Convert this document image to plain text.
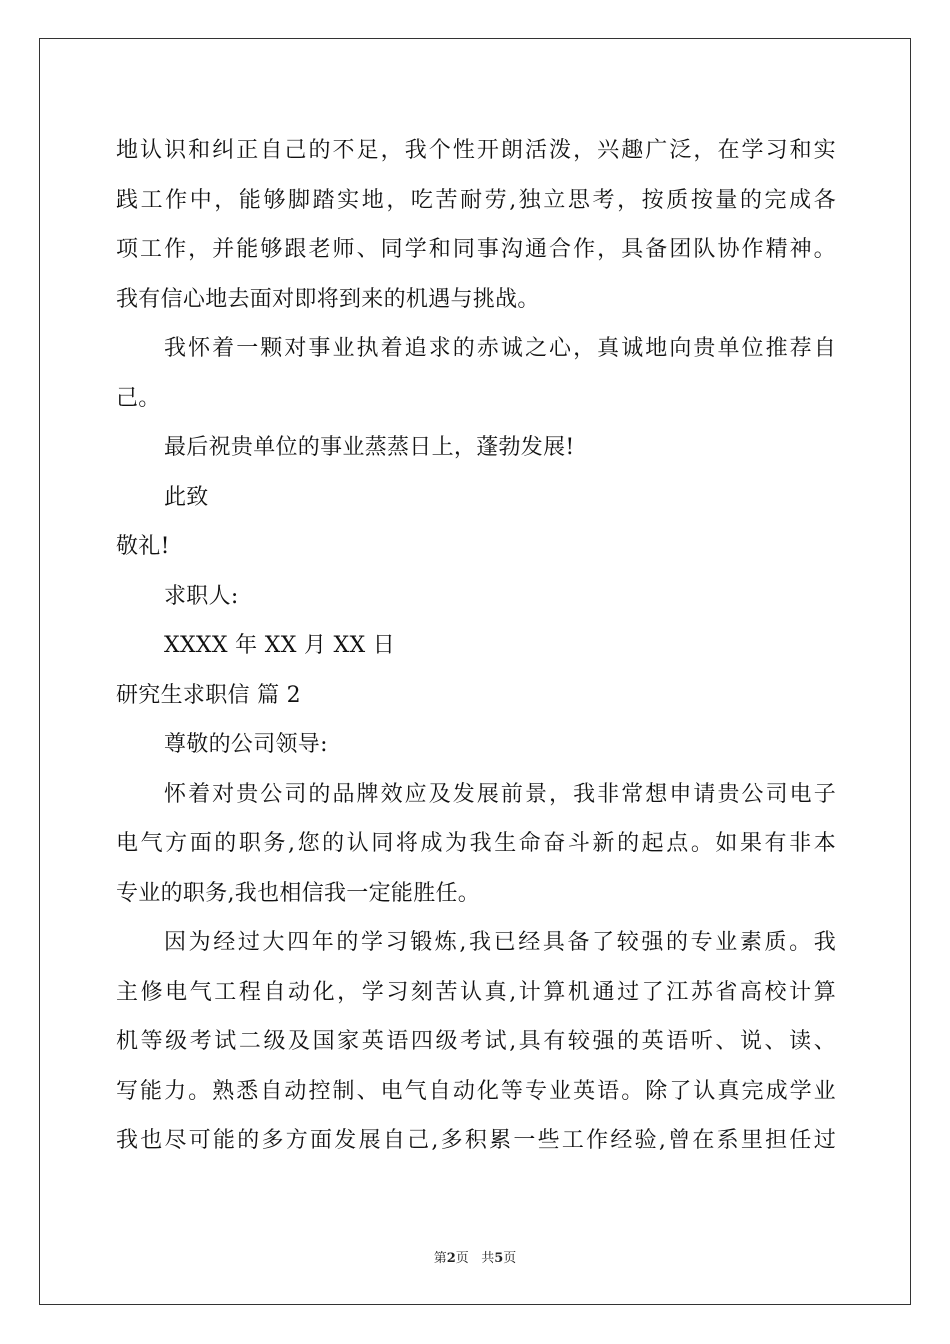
地认识和纠正自己的不足，我个性开朗活泼，兴趣广泛，在学习和实
践工作中，能够脚踏实地，吃苦耐劳,独立思考，按质按量的完成各
项工作，并能够跟老师、同学和同事沟通合作，具备团队协作精神。
我有信心地去面对即将到来的机遇与挑战。
我怀着一颗对事业执着追求的赤诚之心，真诚地向贵单位推荐自
己。
最后祝贵单位的事业蒸蒸日上，蓬勃发展!
此致
敬礼!
求职人:
XXXX 年 XX 月 XX 日
研究生求职信 篇 2
尊敬的公司领导:
怀着对贵公司的品牌效应及发展前景，我非常想申请贵公司电子
电气方面的职务,您的认同将成为我生命奋斗新的起点。如果有非本
专业的职务,我也相信我一定能胜任。
因为经过大四年的学习锻炼,我已经具备了较强的专业素质。我
主修电气工程自动化，学习刻苦认真,计算机通过了江苏省高校计算
机等级考试二级及国家英语四级考试,具有较强的英语听、说、读、
写能力。熟悉自动控制、电气自动化等专业英语。除了认真完成学业
我也尽可能的多方面发展自己,多积累一些工作经验,曾在系里担任过
第2页 共5页
